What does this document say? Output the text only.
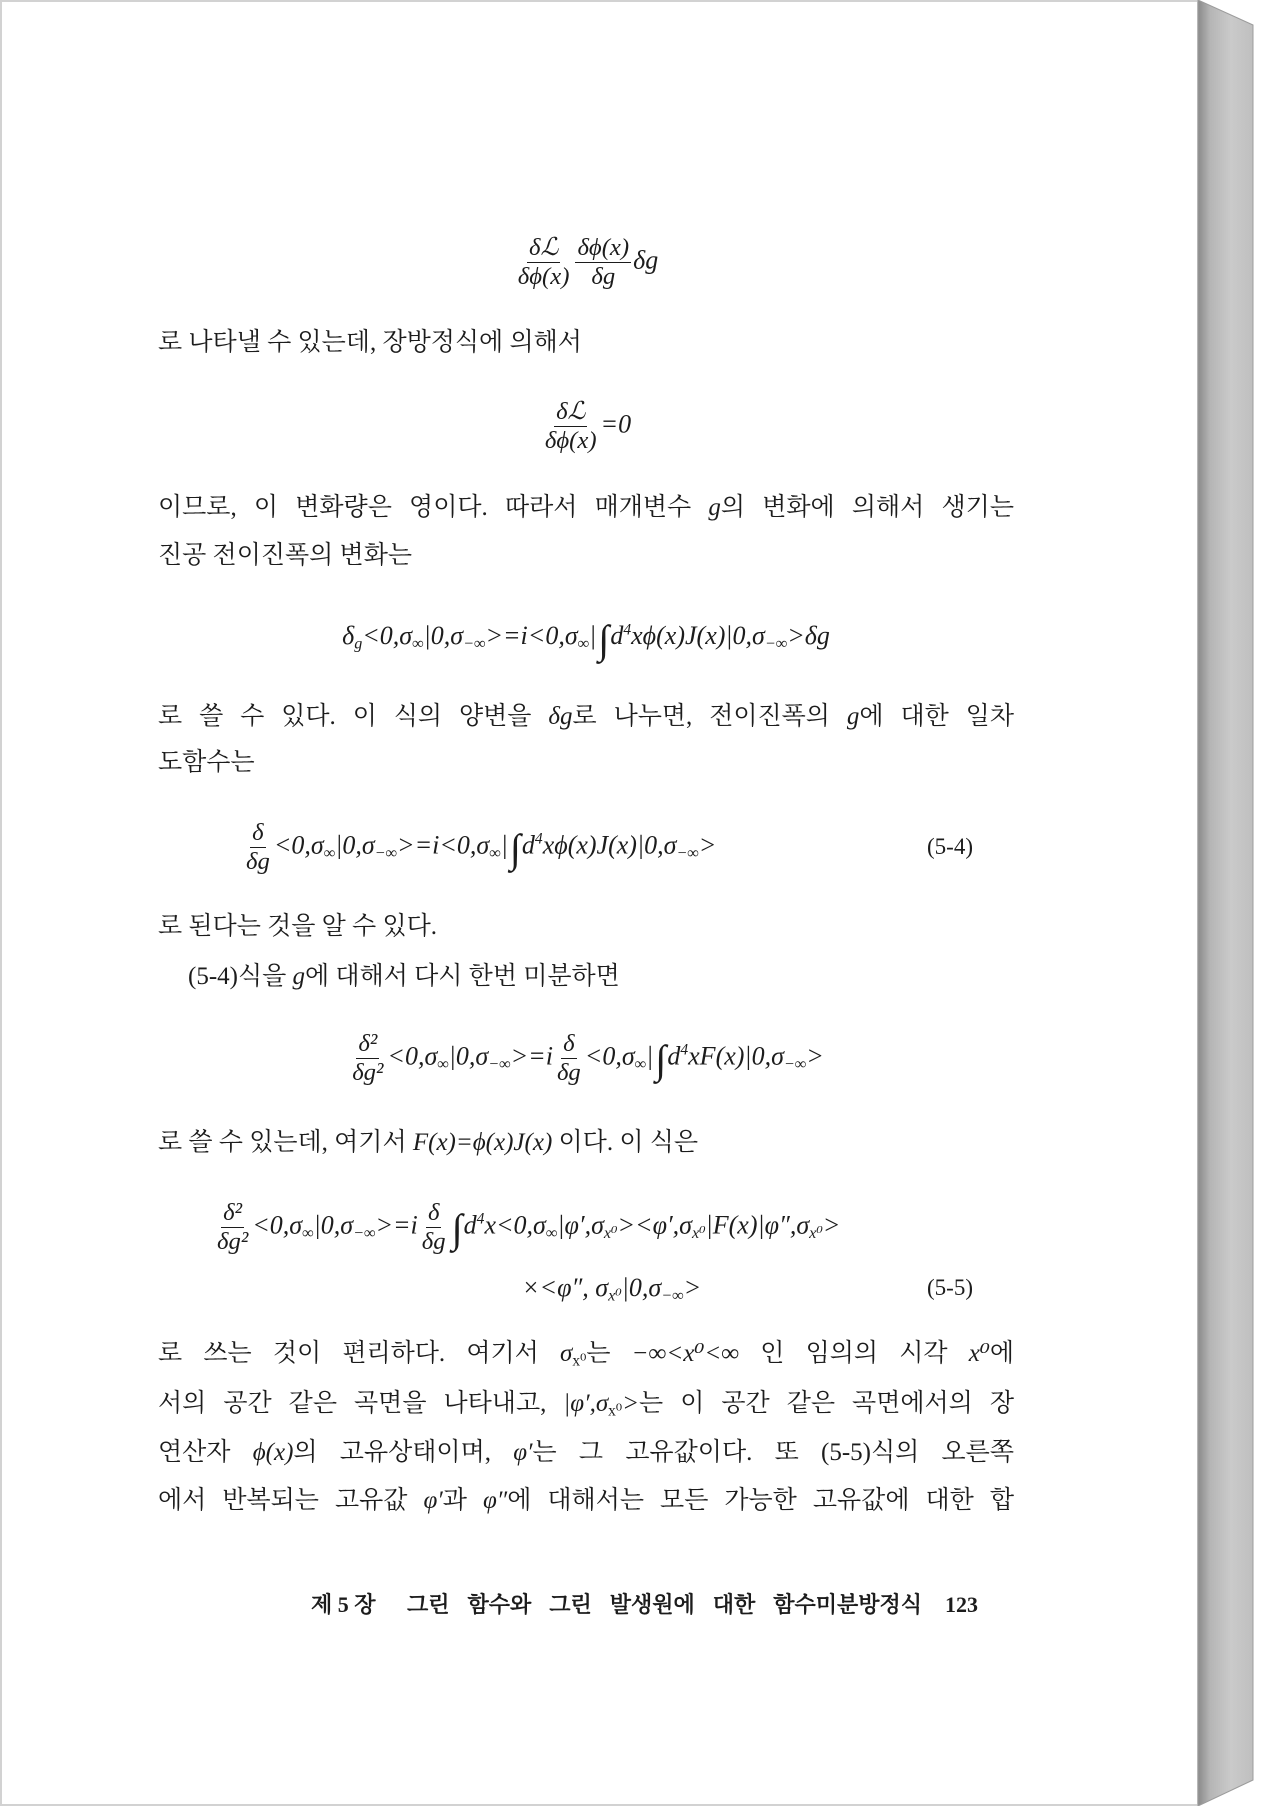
$\frac{\text{δℒ}}{\delta\phi(x)} \frac{\delta\phi(x)}{\delta g}$ δg
로 나타낼 수 있는데, 장방정식에 의해서
$\frac{\text{δℒ}}{\delta\phi(x)} =0$
이므로, 이 변화량은 영이다. 따라서 매개변수 g의 변화에 의해서 생기는
진공 전이진폭의 변화는
$\delta g<0,\sigma\infty|0,\sigma-\infty>=i<0,\sigma\infty|\int d^4x\phi(x)J(x)|0,\sigma-\infty>\delta g$
로 쓸 수 있다. 이 식의 양변을 δg로 나누면, 전이진폭의 g에 대한 일차
도함수는
$\frac{\delta}{\delta g} <0,\sigma\infty|0,\sigma-\infty>=i<0,\sigma\infty|\int d^4x\phi(x)J(x)|0,\sigma-\infty>$	(5-4)
로 된다는 것을 알 수 있다.
(5-4)식을 g에 대해서 다시 한번 미분하면
$\frac{\text{δ²}}{\text{δg²}} <0,\sigma\infty|0,\sigma-\infty>=i \frac{\delta}{\delta g} <0,\sigma\infty|\int d^4xF(x)|0,\sigma-\infty>$
로 쓸 수 있는데, 여기서 F(x)=ϕ(x)J(x) 이다. 이 식은
$\frac{\text{δ²}}{\text{δg²}} <0,\sigma\infty|0,\sigma-\infty>=i \frac{\delta}{\delta g} \int d^4x<0,\sigma\infty|\varphi',\sigma x^0><\varphi',\sigma x^0|F(x)|\varphi'',\sigma x^0>$
×<φ″, σx⁰|0,σ−∞>	(5-5)
로 쓰는 것이 편리하다. 여기서 σx⁰는 −∞<x⁰<∞ 인 임의의 시각 x⁰에
서의 공간 같은 곡면을 나타내고, |φ′,σx⁰>는 이 공간 같은 곡면에서의 장
연산자 ϕ(x)의 고유상태이며, φ′는 그 고유값이다. 또 (5-5)식의 오른쪽
에서 반복되는 고유값 φ′과 φ″에 대해서는 모든 가능한 고유값에 대한 합
제 5 장 그린 함수와 그린 발생원에 대한 함수미분방정식 123
